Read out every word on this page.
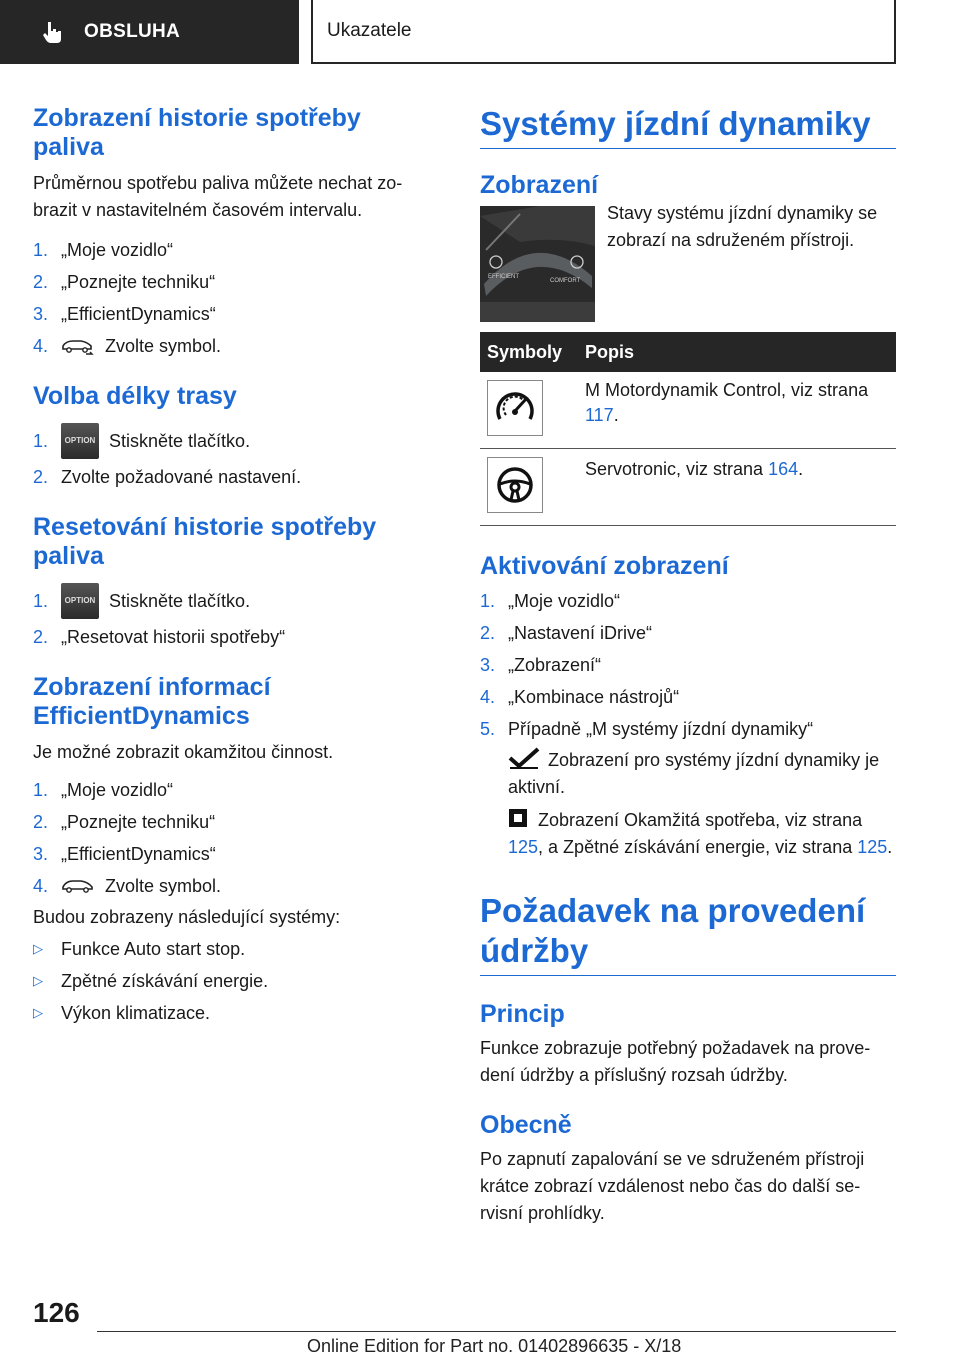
OBSLUHA	Ukazatele
Zobrazení historie spotřeby paliva

Průměrnou spotřebu paliva můžete nechat zobrazit v nastavitelném časovém intervalu.

1. „Moje vozidlo“
2. „Poznejte techniku“
3. „EfficientDynamics“
4.	Zvolte symbol.
Volba délky trasy
1.	OPTION Stiskněte tlačítko.
2. Zvolte požadované nastavení.
Resetování historie spotřeby paliva
1.	OPTION Stiskněte tlačítko.
2. „Resetovat historii spotřeby“
Zobrazení informací EfficientDynamics

Je možné zobrazit okamžitou činnost.

1. „Moje vozidlo“
2. „Poznejte techniku“
3. „EfficientDynamics“
4.	Zvolte symbol.

Budou zobrazeny následující systémy:

▷	Funkce Auto start stop.
▷	Zpětné získávání energie.
▷	Výkon klimatizace.
Systémy jízdní dynamiky
Zobrazení
EFFICIENT
COMFORT

Stavy systému jízdní dynamiky se zobrazí na sdruženém přístroji.

Symboly	Popis

	M Motordynamik Control, viz strana 117.

	Servotronic, viz strana 164.
Aktivování zobrazení
1. „Moje vozidlo“
2. „Nastavení iDrive“
3. „Zobrazení“
4. „Kombinace nástrojů“
5. Případně „M systémy jízdní dynamiky“

Zobrazení pro systémy jízdní dynamiky je aktivní.

Zobrazení Okamžitá spotřeba, viz strana 125, a Zpětné získávání energie, viz strana 125.

Požadavek na provedení údržby
Princip

Funkce zobrazuje potřebný požadavek na provedení údržby a příslušný rozsah údržby.

Obecně

Po zapnutí zapalování se ve sdruženém přístroji krátce zobrazí vzdálenost nebo čas do další servisní prohlídky.

126
Online Edition for Part no. 01402896635 - X/18
